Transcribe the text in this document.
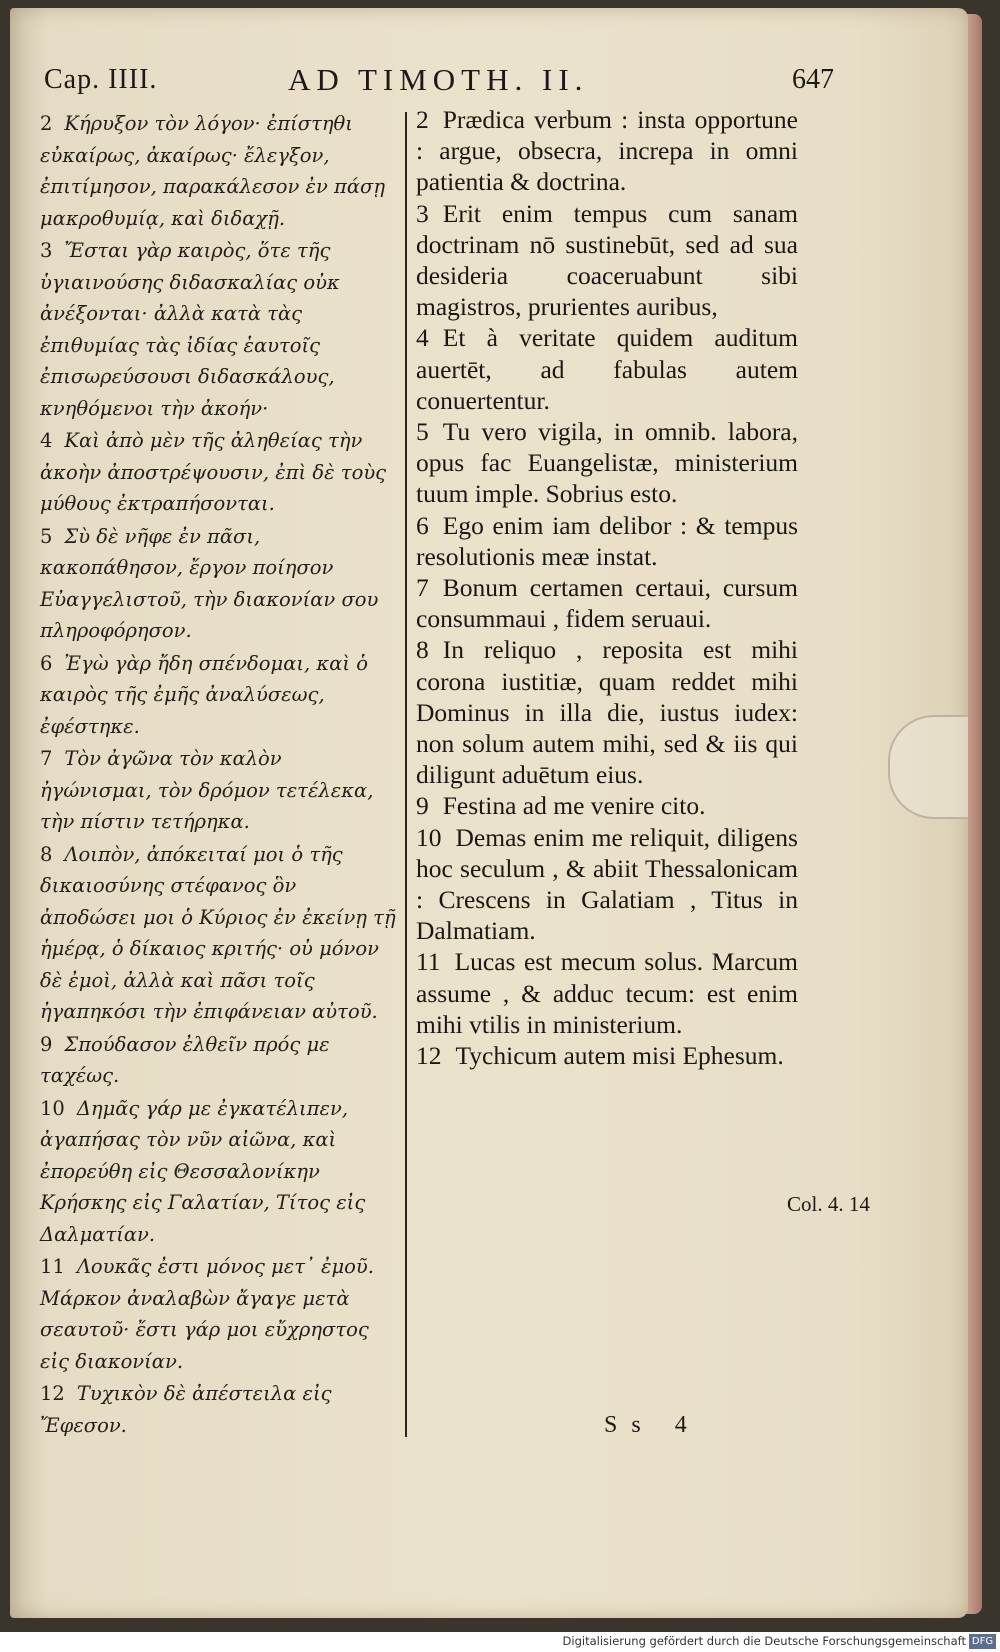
Cap. IIII.	AD TIMOTH. II.	647

2 Κήρυξον τὸν λόγον· ἐπίστηθι εὐκαίρως, ἀκαίρως· ἔλεγξον, ἐπιτίμησον, παρακάλεσον ἐν πάσῃ μακροθυμίᾳ, καὶ διδαχῇ.

3 Ἔσται γὰρ καιρὸς, ὅτε τῆς ὑγιαινούσης διδασκαλίας οὐκ ἀνέξονται· ἀλλὰ κατὰ τὰς ἐπιθυμίας τὰς ἰδίας ἑαυτοῖς ἐπισωρεύσουσι διδασκάλους, κνηθόμενοι τὴν ἀκοήν·

4 Καὶ ἀπὸ μὲν τῆς ἀληθείας τὴν ἀκοὴν ἀποστρέψουσιν, ἐπὶ δὲ τοὺς μύθους ἐκτραπήσονται.

5 Σὺ δὲ νῆφε ἐν πᾶσι, κακοπάθησον, ἔργον ποίησον Εὐαγγελιστοῦ, τὴν διακονίαν σου πληροφόρησον.

6 Ἐγὼ γὰρ ἤδη σπένδομαι, καὶ ὁ καιρὸς τῆς ἐμῆς ἀναλύσεως, ἐφέστηκε.

7 Τὸν ἀγῶνα τὸν καλὸν ἠγώνισμαι, τὸν δρόμον τετέλεκα, τὴν πίστιν τετήρηκα.

8 Λοιπὸν, ἀπόκειταί μοι ὁ τῆς δικαιοσύνης στέφανος ὃν ἀποδώσει μοι ὁ Κύριος ἐν ἐκείνῃ τῇ ἡμέρᾳ, ὁ δίκαιος κριτής· οὐ μόνον δὲ ἐμοὶ, ἀλλὰ καὶ πᾶσι τοῖς ἠγαπηκόσι τὴν ἐπιφάνειαν αὐτοῦ.

9 Σπούδασον ἐλθεῖν πρός με ταχέως.

10 Δημᾶς γάρ με ἐγκατέλιπεν, ἀγαπήσας τὸν νῦν αἰῶνα, καὶ ἐπορεύθη εἰς Θεσσαλονίκην Κρήσκης εἰς Γαλατίαν, Τίτος εἰς Δαλματίαν.

11 Λουκᾶς ἐστι μόνος μετ᾽ ἐμοῦ. Μάρκον ἀναλαβὼν ἄγαγε μετὰ σεαυτοῦ· ἔστι γάρ μοι εὔχρηστος εἰς διακονίαν.

12 Τυχικὸν δὲ ἀπέστειλα εἰς Ἔφεσον.

2 Prædica verbum : insta opportune : argue, obsecra, increpa in omni patientia & doctrina.

3 Erit enim tempus cum sanam doctrinam nō sustinebūt, sed ad sua desideria coaceruabunt sibi magistros, prurientes auribus,

4 Et à veritate quidem auditum auertēt, ad fabulas autem conuertentur.

5 Tu vero vigila, in omnib. labora, opus fac Euangelistæ, ministerium tuum imple. Sobrius esto.

6 Ego enim iam delibor : & tempus resolutionis meæ instat.

7 Bonum certamen certaui, cursum consummaui , fidem seruaui.

8 In reliquo , reposita est mihi corona iustitiæ, quam reddet mihi Dominus in illa die, iustus iudex: non solum autem mihi, sed & iis qui diligunt aduētum eius.

9 Festina ad me venire cito.

10 Demas enim me reliquit, diligens hoc seculum , & abiit Thessalonicam : Crescens in Galatiam , Titus in Dalmatiam.

11 Lucas est mecum solus. Marcum assume , & adduc tecum: est enim mihi vtilis in ministerium.

12 Tychicum autem misi Ephesum.

Col. 4. 14
Ss 4
Digitalisierung gefördert durch die Deutsche Forschungsgemeinschaft DFG
